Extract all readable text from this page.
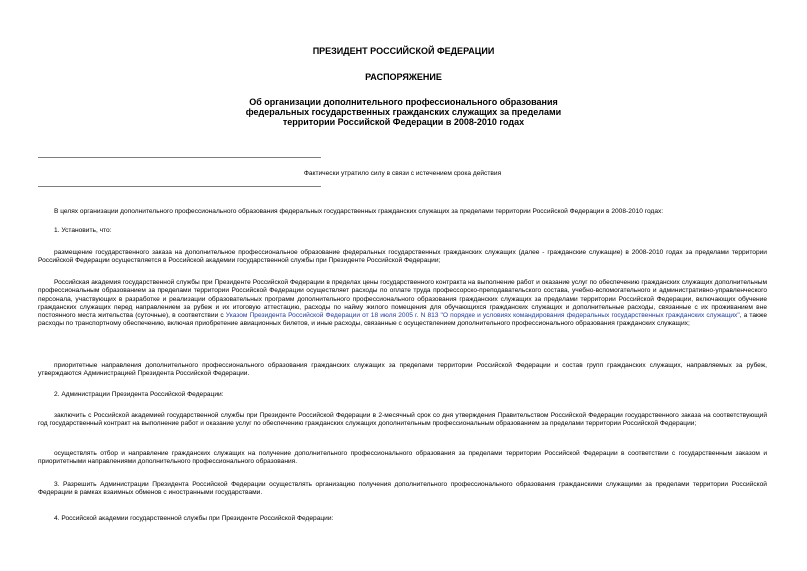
ПРЕЗИДЕНТ РОССИЙСКОЙ ФЕДЕРАЦИИ

РАСПОРЯЖЕНИЕ

Об организации дополнительного профессионального образования федеральных государственных гражданских служащих за пределами территории Российской Федерации в 2008-2010 годах

Фактически утратило силу в связи с истечением срока действия

В целях организации дополнительного профессионального образования федеральных государственных гражданских служащих за пределами территории Российской Федерации в 2008-2010 годах:

1. Установить, что:

размещение государственного заказа на дополнительное профессиональное образование федеральных государственных гражданских служащих (далее - гражданские служащие) в 2008-2010 годах за пределами территории Российской Федерации осуществляется в Российской академии государственной службы при Президенте Российской Федерации;

Российская академия государственной службы при Президенте Российской Федерации в пределах цены государственного контракта на выполнение работ и оказание услуг по обеспечению гражданских служащих дополнительным профессиональным образованием за пределами территории Российской Федерации осуществляет расходы по оплате труда профессорско-преподавательского состава, учебно-вспомогательного и административно-управленческого персонала, участвующих в разработке и реализации образовательных программ дополнительного профессионального образования гражданских служащих за пределами территории Российской Федерации, включающих обучение гражданских служащих перед направлением за рубеж и их итоговую аттестацию, расходы по найму жилого помещения для обучающихся гражданских служащих и дополнительные расходы, связанные с их проживанием вне постоянного места жительства (суточные), в соответствии с Указом Президента Российской Федерации от 18 июля 2005 г. N 813 "О порядке и условиях командирования федеральных государственных гражданских служащих", а также расходы по транспортному обеспечению, включая приобретение авиационных билетов, и иные расходы, связанные с осуществлением дополнительного профессионального образования гражданских служащих;

приоритетные направления дополнительного профессионального образования гражданских служащих за пределами территории Российской Федерации и состав групп гражданских служащих, направляемых за рубеж, утверждаются Администрацией Президента Российской Федерации.

2. Администрации Президента Российской Федерации:

заключить с Российской академией государственной службы при Президенте Российской Федерации в 2-месячный срок со дня утверждения Правительством Российской Федерации государственного заказа на соответствующий год государственный контракт на выполнение работ и оказание услуг по обеспечению гражданских служащих дополнительным профессиональным образованием за пределами территории Российской Федерации;

осуществлять отбор и направление гражданских служащих на получение дополнительного профессионального образования за пределами территории Российской Федерации в соответствии с государственным заказом и приоритетными направлениями дополнительного профессионального образования.

3. Разрешить Администрации Президента Российской Федерации осуществлять организацию получения дополнительного профессионального образования гражданскими служащими за пределами территории Российской Федерации в рамках взаимных обменов с иностранными государствами.

4. Российской академии государственной службы при Президенте Российской Федерации:
